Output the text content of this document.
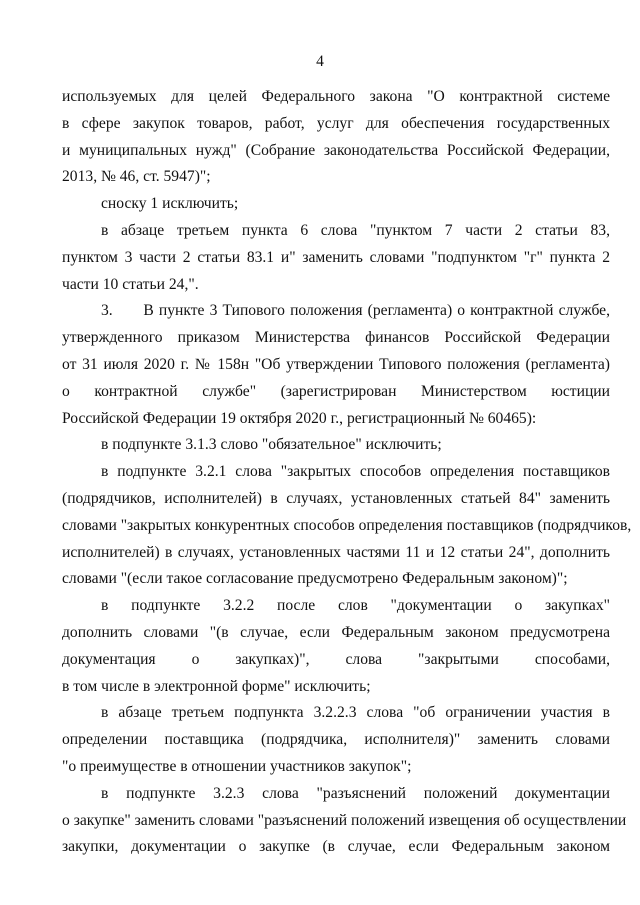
4
используемых для целей Федерального закона "О контрактной системе
в сфере закупок товаров, работ, услуг для обеспечения государственных
и муниципальных нужд" (Собрание законодательства Российской Федерации,
2013, № 46, ст. 5947)";
сноску 1 исключить;
в абзаце третьем пункта 6 слова "пунктом 7 части 2 статьи 83,
пунктом 3 части 2 статьи 83.1 и" заменить словами "подпунктом "г" пункта 2
части 10 статьи 24,".
3.      В пункте 3 Типового положения (регламента) о контрактной службе,
утвержденного приказом Министерства финансов Российской Федерации
от 31 июля 2020 г. № 158н "Об утверждении Типового положения (регламента)
о контрактной службе" (зарегистрирован Министерством юстиции
Российской Федерации 19 октября 2020 г., регистрационный № 60465):
в подпункте 3.1.3 слово "обязательное" исключить;
в подпункте 3.2.1 слова "закрытых способов определения поставщиков
(подрядчиков, исполнителей) в случаях, установленных статьей 84" заменить
словами "закрытых конкурентных способов определения поставщиков (подрядчиков,
исполнителей) в случаях, установленных частями 11 и 12 статьи 24", дополнить
словами "(если такое согласование предусмотрено Федеральным законом)";
в подпункте 3.2.2 после слов "документации о закупках"
дополнить словами "(в случае, если Федеральным законом предусмотрена
документация о закупках)", слова "закрытыми способами,
в том числе в электронной форме" исключить;
в абзаце третьем подпункта 3.2.2.3 слова "об ограничении участия в
определении поставщика (подрядчика, исполнителя)" заменить словами
"о преимуществе в отношении участников закупок";
в подпункте 3.2.3 слова "разъяснений положений документации
о закупке" заменить словами "разъяснений положений извещения об осуществлении
закупки, документации о закупке (в случае, если Федеральным законом
